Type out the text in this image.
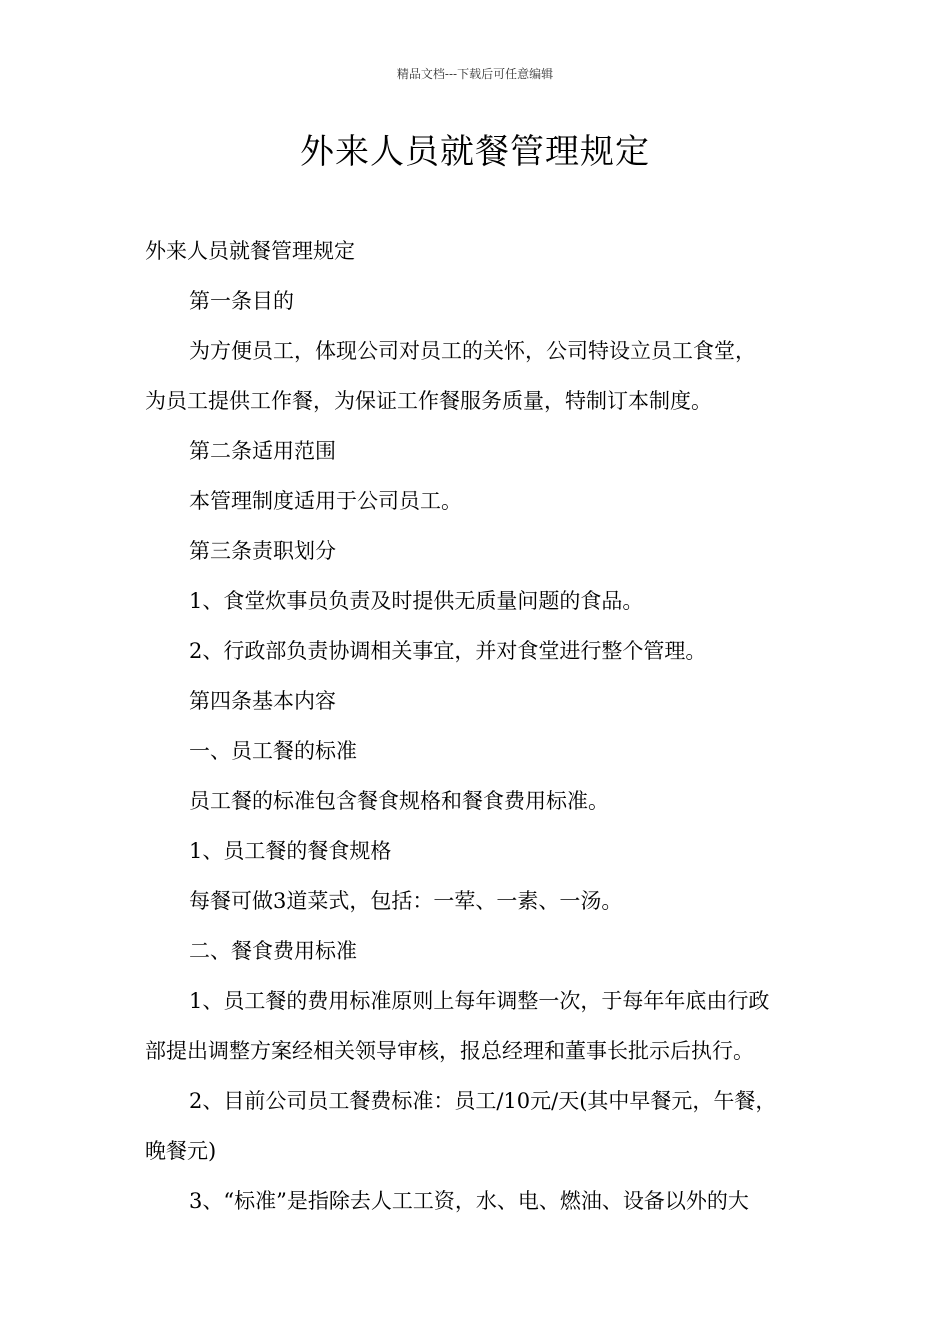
精品文档---下载后可任意编辑
外来人员就餐管理规定

外来人员就餐管理规定

第一条目的

为方便员工，体现公司对员工的关怀，公司特设立员工食堂，

为员工提供工作餐，为保证工作餐服务质量，特制订本制度。

第二条适用范围

本管理制度适用于公司员工。

第三条责职划分

1、食堂炊事员负责及时提供无质量问题的食品。

2、行政部负责协调相关事宜，并对食堂进行整个管理。

第四条基本内容

一、员工餐的标准

员工餐的标准包含餐食规格和餐食费用标准。

1、员工餐的餐食规格

每餐可做3道菜式，包括：一荤、一素、一汤。

二、餐食费用标准

1、员工餐的费用标准原则上每年调整一次，于每年年底由行政

部提出调整方案经相关领导审核，报总经理和董事长批示后执行。

2、目前公司员工餐费标准：员工/10元/天(其中早餐元，午餐，

晚餐元)

3、“标准”是指除去人工工资，水、电、燃油、设备以外的大
